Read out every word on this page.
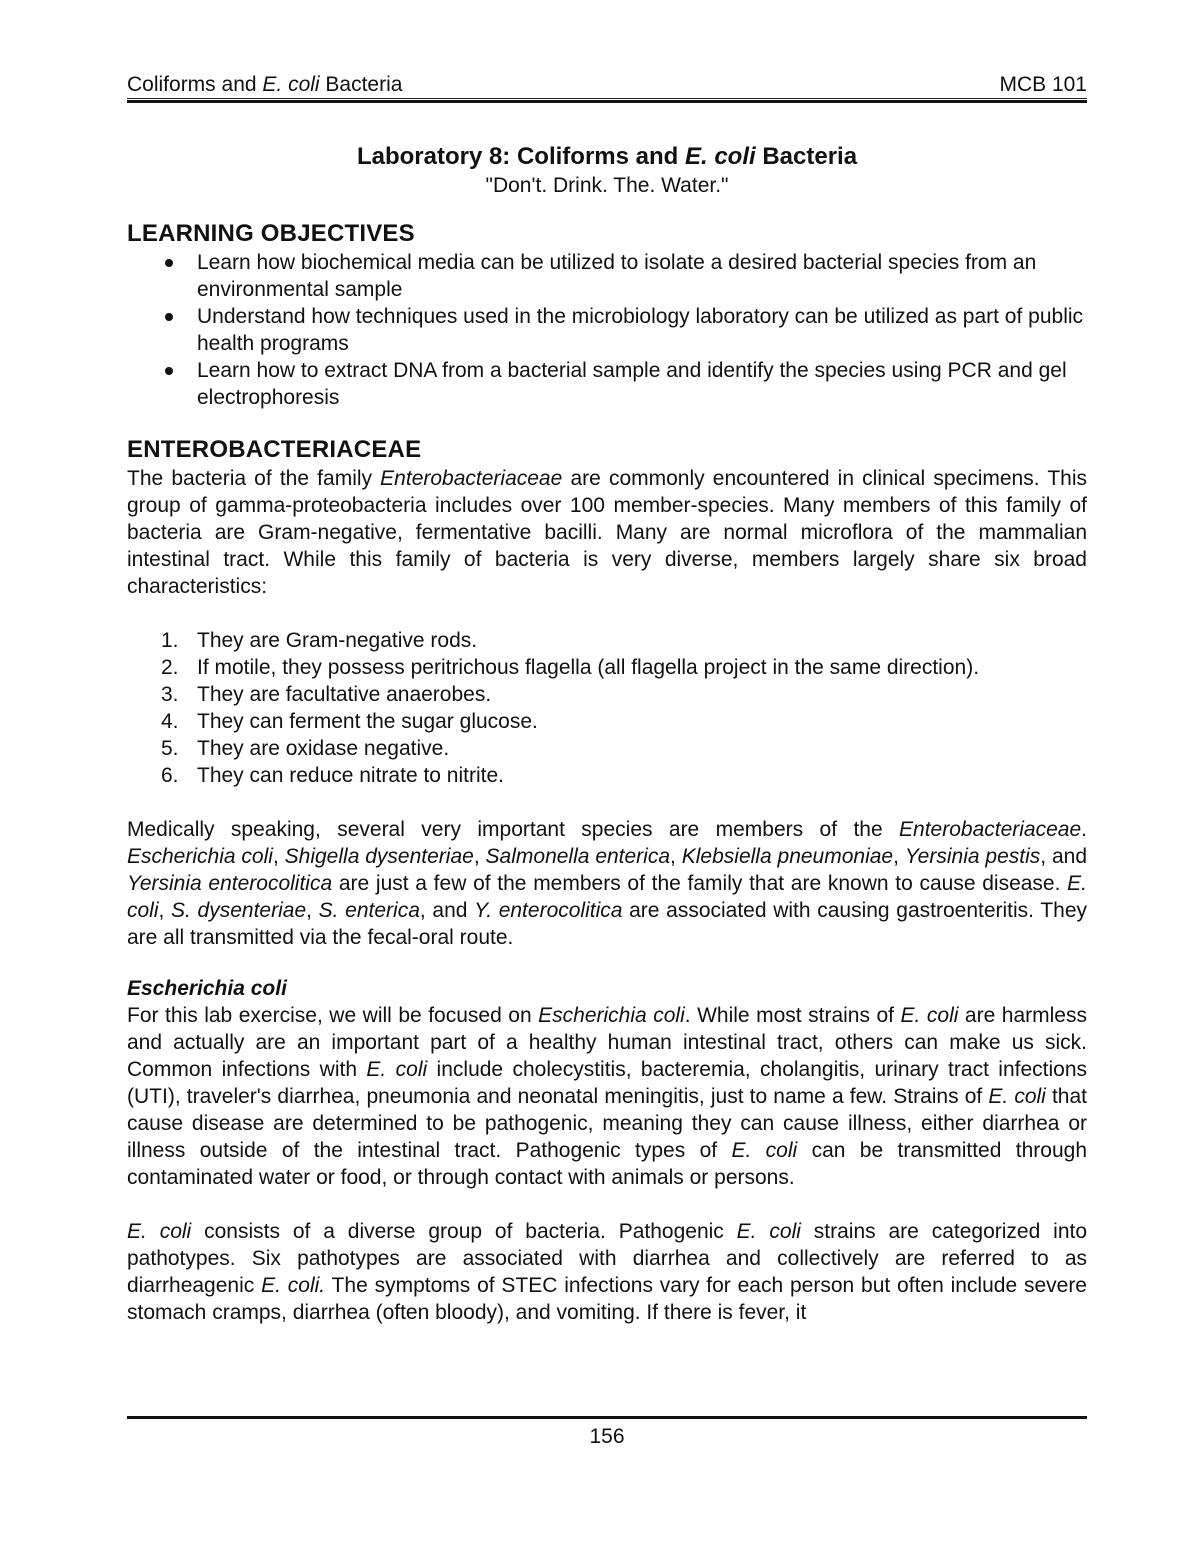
Coliforms and E. coli Bacteria	MCB 101

Laboratory 8: Coliforms and E. coli Bacteria

"Don't. Drink. The. Water."

LEARNING OBJECTIVES
Learn how biochemical media can be utilized to isolate a desired bacterial species from an environmental sample
Understand how techniques used in the microbiology laboratory can be utilized as part of public health programs
Learn how to extract DNA from a bacterial sample and identify the species using PCR and gel electrophoresis
ENTEROBACTERIACEAE

The bacteria of the family Enterobacteriaceae are commonly encountered in clinical specimens. This group of gamma-proteobacteria includes over 100 member-species. Many members of this family of bacteria are Gram-negative, fermentative bacilli. Many are normal microflora of the mammalian intestinal tract. While this family of bacteria is very diverse, members largely share six broad characteristics:

1. They are Gram-negative rods.
2. If motile, they possess peritrichous flagella (all flagella project in the same direction).
3. They are facultative anaerobes.
4. They can ferment the sugar glucose.
5. They are oxidase negative.
6. They can reduce nitrate to nitrite.

Medically speaking, several very important species are members of the Enterobacteriaceae. Escherichia coli, Shigella dysenteriae, Salmonella enterica, Klebsiella pneumoniae, Yersinia pestis, and Yersinia enterocolitica are just a few of the members of the family that are known to cause disease. E. coli, S. dysenteriae, S. enterica, and Y. enterocolitica are associated with causing gastroenteritis. They are all transmitted via the fecal-oral route.

Escherichia coli

For this lab exercise, we will be focused on Escherichia coli. While most strains of E. coli are harmless and actually are an important part of a healthy human intestinal tract, others can make us sick. Common infections with E. coli include cholecystitis, bacteremia, cholangitis, urinary tract infections (UTI), traveler's diarrhea, pneumonia and neonatal meningitis, just to name a few. Strains of E. coli that cause disease are determined to be pathogenic, meaning they can cause illness, either diarrhea or illness outside of the intestinal tract. Pathogenic types of E. coli can be transmitted through contaminated water or food, or through contact with animals or persons.

E. coli consists of a diverse group of bacteria. Pathogenic E. coli strains are categorized into pathotypes. Six pathotypes are associated with diarrhea and collectively are referred to as diarrheagenic E. coli. The symptoms of STEC infections vary for each person but often include severe stomach cramps, diarrhea (often bloody), and vomiting. If there is fever, it

156
